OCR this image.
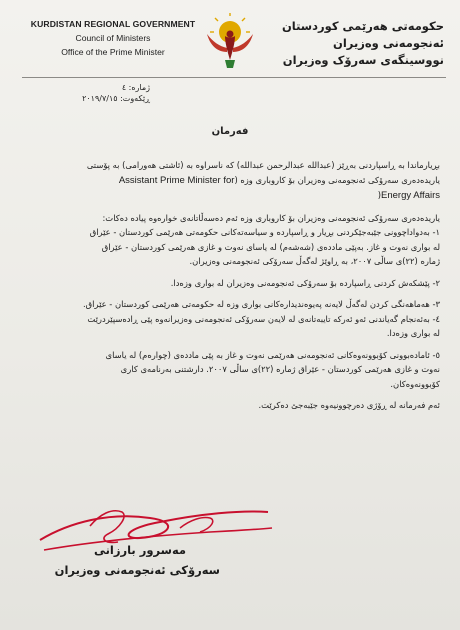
KURDISTAN REGIONAL GOVERNMENT
Council of Ministers
Office of the Prime Minister
حکومەتی هەرێمی کوردستان
ئەنجومەنی وەزیران
نووسینگەی سەرۆک وەزیران
ژمارە: ٤
ڕێکەوت: ٢٠١٩/٧/١٥
فەرمان
بڕیارماندا بە ڕاسپاردنی بەڕێز (عبداللە عبدالرحمن عبداللە) کە ناسراوە بە (ئاشتی هەورامی) بە پۆستی
یاریدەدەری سەرۆکی ئەنجومەنی وەزیران بۆ کاروباری وزە (Assistant Prime Minister for
Energy Affairs(
یاریدەدەری سەرۆکی ئەنجومەنی وەزیران بۆ کاروباری وزە ئەم دەسەڵاتانەی خوارەوە پیادە دەکات:
١- بەدواداچوونی جێبەجێکردنی بڕیار و ڕاسپاردە و سیاسەتەکانی حکومەتی هەرێمی کوردستان - عێراق
لە بواری نەوت و غاز. بەپێی ماددەی (شەشەم) لە یاسای نەوت و غازی هەرێمی کوردستان - عێراق
ژمارە (٢٢)ی ساڵی ٢٠٠٧، بە ڕاوێژ لەگەڵ سەرۆکی ئەنجومەنی وەزیران.
٢- پێشکەش کردنی ڕاسپاردە بۆ سەرۆکی ئەنجومەنی وەزیران لە بواری وزەدا.
٣- هەماهەنگی کردن لەگەڵ لایەنە پەیوەندیدارەکانی بواری وزە لە حکومەتی هەرێمی کوردستان - عێراق.
٤- بەئەنجام گەیاندنی ئەو ئەرکە تایبەتانەی لە لایەن سەرۆکی ئەنجومەنی وەزیرانەوە پێی ڕادەسپێردرێت
لە بواری وزەدا.
٥- ئامادەبوونی کۆبوونەوەکانی ئەنجومەنی هەرێمی نەوت و غاز بە پێی ماددەی (چوارەم) لە یاسای
نەوت و غازی هەرێمی کوردستان - عێراق ژمارە (٢٢)ی ساڵی ٢٠٠٧. دارشتنی بەرنامەی کاری
کۆبوونەوەکان.
ئەم فەرمانە لە ڕۆژی دەرچوونیەوە جێبەجێ دەکرێت.
مەسرور بارزانی
سەرۆکی ئەنجومەنی وەزیران
